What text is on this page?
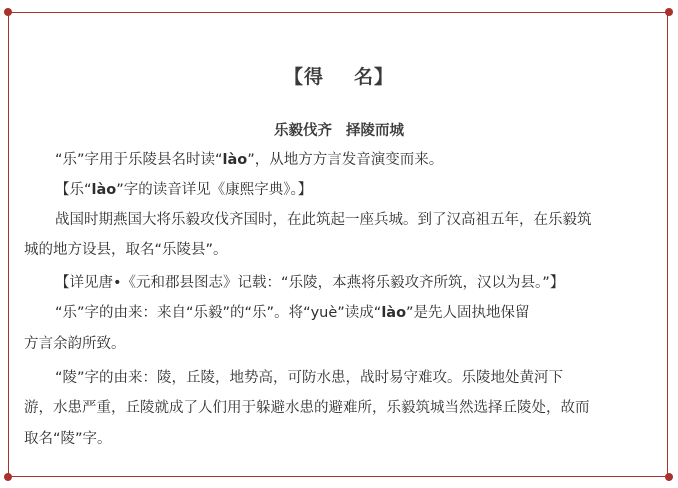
【得 名】
乐毅伐齐 择陵而城
“乐”字用于乐陵县名时读“lào”，从地方方言发音演变而来。
【乐“lào”字的读音详见《康熙字典》。】
战国时期燕国大将乐毅攻伐齐国时，在此筑起一座兵城。到了汉高祖五年，在乐毅筑
城的地方设县，取名“乐陵县”。
【详见唐•《元和郡县图志》记载：“乐陵，本燕将乐毅攻齐所筑，汉以为县。”】
“乐”字的由来：来自“乐毅”的“乐”。将“yuè”读成“lào”是先人固执地保留
方言余韵所致。
“陵”字的由来：陵，丘陵，地势高，可防水患，战时易守难攻。乐陵地处黄河下
游，水患严重，丘陵就成了人们用于躲避水患的避难所，乐毅筑城当然选择丘陵处，故而
取名“陵”字。
